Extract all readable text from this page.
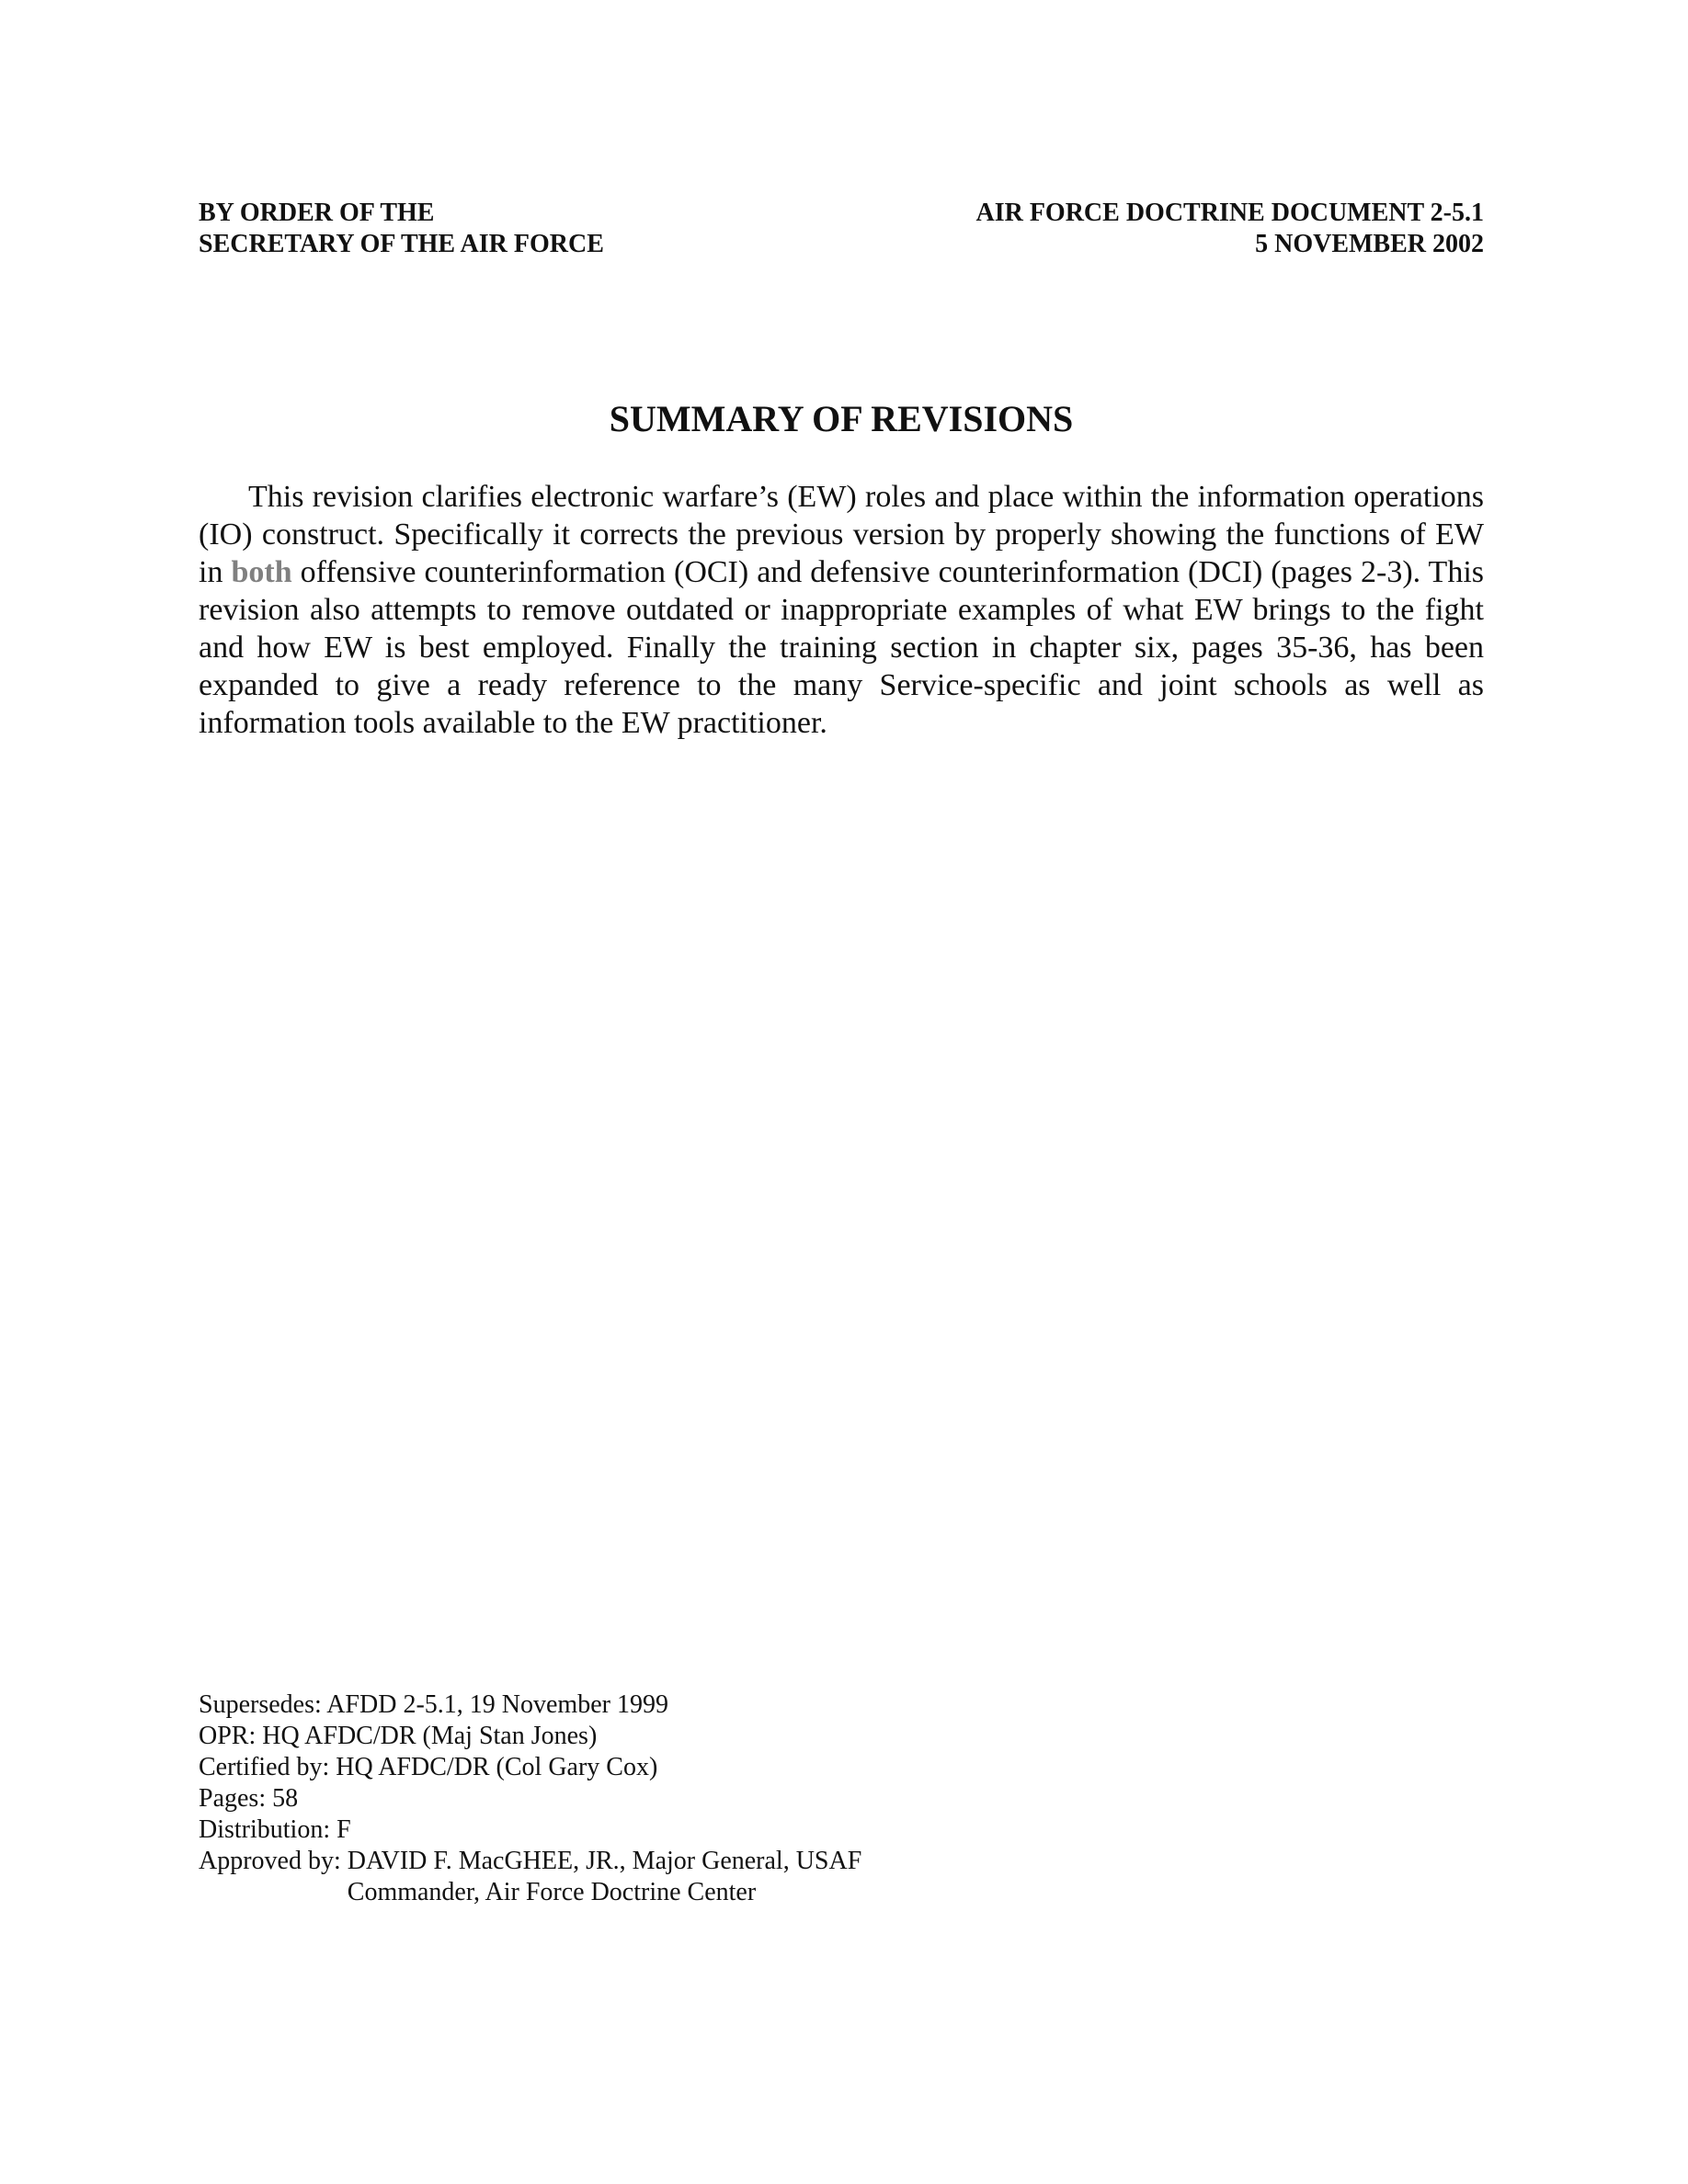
BY ORDER OF THE
SECRETARY OF THE AIR FORCE
AIR FORCE DOCTRINE DOCUMENT 2-5.1
5 NOVEMBER 2002
SUMMARY OF REVISIONS

This revision clarifies electronic warfare’s (EW) roles and place within the information operations (IO) construct. Specifically it corrects the previous version by properly showing the functions of EW in both offensive counterinformation (OCI) and defensive counterinformation (DCI) (pages 2-3). This revision also attempts to remove outdated or inappropriate examples of what EW brings to the fight and how EW is best employed. Finally the training section in chapter six, pages 35-36, has been expanded to give a ready reference to the many Service-specific and joint schools as well as information tools available to the EW practitioner.

Supersedes: AFDD 2-5.1, 19 November 1999
OPR: HQ AFDC/DR (Maj Stan Jones)
Certified by: HQ AFDC/DR (Col Gary Cox)
Pages: 58
Distribution: F
Approved by: DAVID F. MacGHEE, JR., Major General, USAF
Commander, Air Force Doctrine Center
